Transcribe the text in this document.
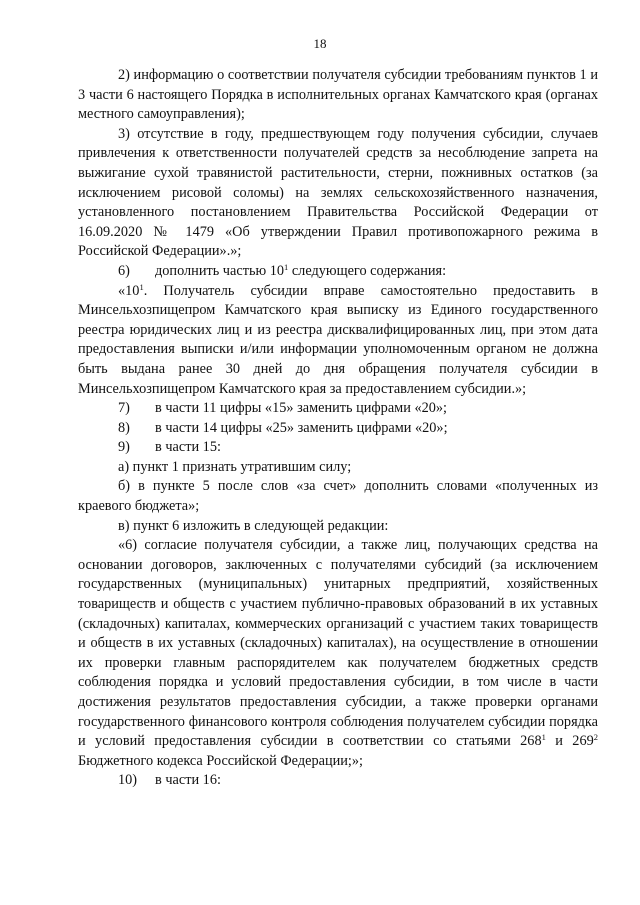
18

2) информацию о соответствии получателя субсидии требованиям пунктов 1 и 3 части 6 настоящего Порядка в исполнительных органах Камчатского края (органах местного самоуправления);

3) отсутствие в году, предшествующем году получения субсидии, случаев привлечения к ответственности получателей средств за несоблюдение запрета на выжигание сухой травянистой растительности, стерни, пожнивных остатков (за исключением рисовой соломы) на землях сельскохозяйственного назначения, установленного постановлением Правительства Российской Федерации от 16.09.2020 № 1479 «Об утверждении Правил противопожарного режима в Российской Федерации».»;

6) дополнить частью $10^1$ следующего содержания:

«$10^1$. Получатель субсидии вправе самостоятельно предоставить в Минсельхозпищепром Камчатского края выписку из Единого государственного реестра юридических лиц и из реестра дисквалифицированных лиц, при этом дата предоставления выписки и/или информации уполномоченным органом не должна быть выдана ранее 30 дней до дня обращения получателя субсидии в Минсельхозпищепром Камчатского края за предоставлением субсидии.»;

7) в части 11 цифры «15» заменить цифрами «20»;

8) в части 14 цифры «25» заменить цифрами «20»;

9) в части 15:

а) пункт 1 признать утратившим силу;

б) в пункте 5 после слов «за счет» дополнить словами «полученных из краевого бюджета»;

в) пункт 6 изложить в следующей редакции:

«6) согласие получателя субсидии, а также лиц, получающих средства на основании договоров, заключенных с получателями субсидий (за исключением государственных (муниципальных) унитарных предприятий, хозяйственных товариществ и обществ с участием публично-правовых образований в их уставных (складочных) капиталах, коммерческих организаций с участием таких товариществ и обществ в их уставных (складочных) капиталах), на осуществление в отношении их проверки главным распорядителем как получателем бюджетных средств соблюдения порядка и условий предоставления субсидии, в том числе в части достижения результатов предоставления субсидии, а также проверки органами государственного финансового контроля соблюдения получателем субсидии порядка и условий предоставления субсидии в соответствии со статьями $268^1$ и $269^2$ Бюджетного кодекса Российской Федерации;»;

10) в части 16:
